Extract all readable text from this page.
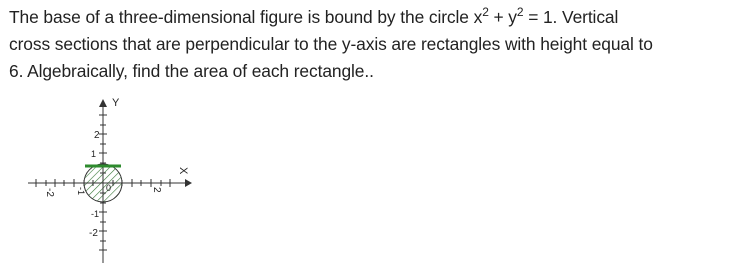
The base of a three-dimensional figure is bound by the circle $x^2 + y^2 = 1$. Vertical
cross sections that are perpendicular to the y-axis are rectangles with height equal to
6. Algebraically, find the area of each rectangle..
Y
X
-2 -1 0	2
2
1
-1
-2
